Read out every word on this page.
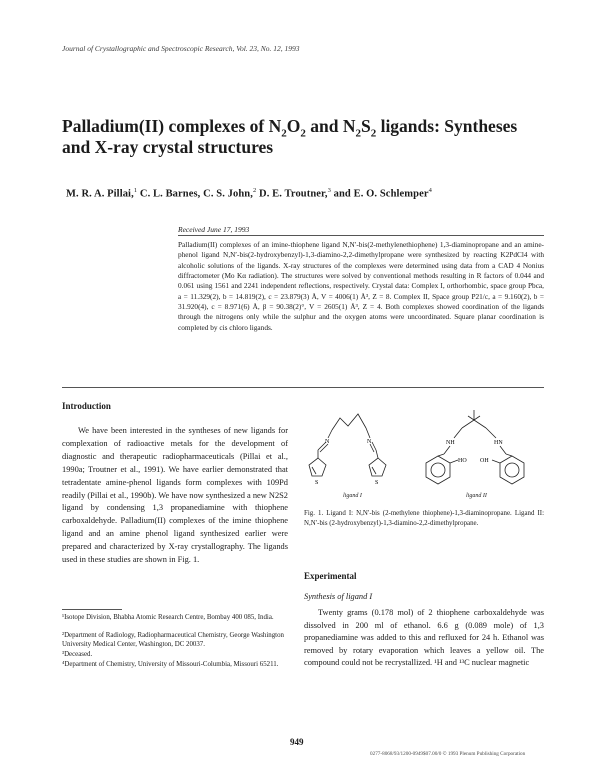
Journal of Crystallographic and Spectroscopic Research, Vol. 23, No. 12, 1993
Palladium(II) complexes of $N_2O_2$ and $N_2S_2$ ligands: Syntheses and X-ray crystal structures
M. R. A. Pillai,$^1$ C. L. Barnes, C. S. John,$^2$ D. E. Troutner,$^3$ and E. O. Schlemper$^4$
Received June 17, 1993
Palladium(II) complexes of an imine-thiophene ligand N,N′-bis(2-methylenethiophene) 1,3-diaminopropane and an amine-phenol ligand N,N′-bis(2-hydroxybenzyl)-1,3-diamino-2,2-dimethylpropane were synthesized by reacting K2PdCl4 with alcoholic solutions of the ligands. X-ray structures of the complexes were determined using data from a CAD 4 Nonius diffractometer (Mo Kα radiation). The structures were solved by conventional methods resulting in R factors of 0.044 and 0.061 using 1561 and 2241 independent reflections, respectively. Crystal data: Complex I, orthorhombic, space group Pbca, a = 11.329(2), b = 14.819(2), c = 23.879(3) Å, V = 4006(1) Å³, Z = 8. Complex II, Space group P21/c, a = 9.160(2), b = 31.920(4), c = 8.971(6) Å, β = 90.38(2)°, V = 2605(1) Å³, Z = 4. Both complexes showed coordination of the ligands through the nitrogens only while the sulphur and the oxygen atoms were uncoordinated. Square planar coordination is completed by cis chloro ligands.
Introduction
We have been interested in the syntheses of new ligands for complexation of radioactive metals for the development of diagnostic and therapeutic radiopharmaceuticals (Pillai et al., 1990a; Troutner et al., 1991). We have earlier demonstrated that tetradentate amine-phenol ligands form complexes with 109Pd readily (Pillai et al., 1990b). We have now synthesized a new N2S2 ligand by condensing 1,3 propanediamine with thiophene carboxaldehyde. Palladium(II) complexes of the imine thiophene ligand and an amine phenol ligand synthesized earlier were prepared and characterized by X-ray crystallography. The ligands used in these studies are shown in Fig. 1.
¹Isotope Division, Bhabha Atomic Research Centre, Bombay 400 085, India.
²Department of Radiology, Radiopharmaceutical Chemistry, George Washington University Medical Center, Washington, DC 20037.
³Deceased.
⁴Department of Chemistry, University of Missouri-Columbia, Missouri 65211.
N	N
S	S
NH	HN
HO OH
ligand I	ligand II
Fig. 1. Ligand I: N,N′-bis (2-methylene thiophene)-1,3-diaminopropane. Ligand II: N,N′-bis (2-hydroxybenzyl)-1,3-diamino-2,2-dimethylpropane.
Experimental
Synthesis of ligand I
Twenty grams (0.178 mol) of 2 thiophene carboxaldehyde was dissolved in 200 ml of ethanol. 6.6 g (0.089 mole) of 1,3 propanediamine was added to this and refluxed for 24 h. Ethanol was removed by rotary evaporation which leaves a yellow oil. The compound could not be recrystallized. ¹H and ¹³C nuclear magnetic
949
0277-8068/93/1200-0949$07.00/0 © 1993 Plenum Publishing Corporation
